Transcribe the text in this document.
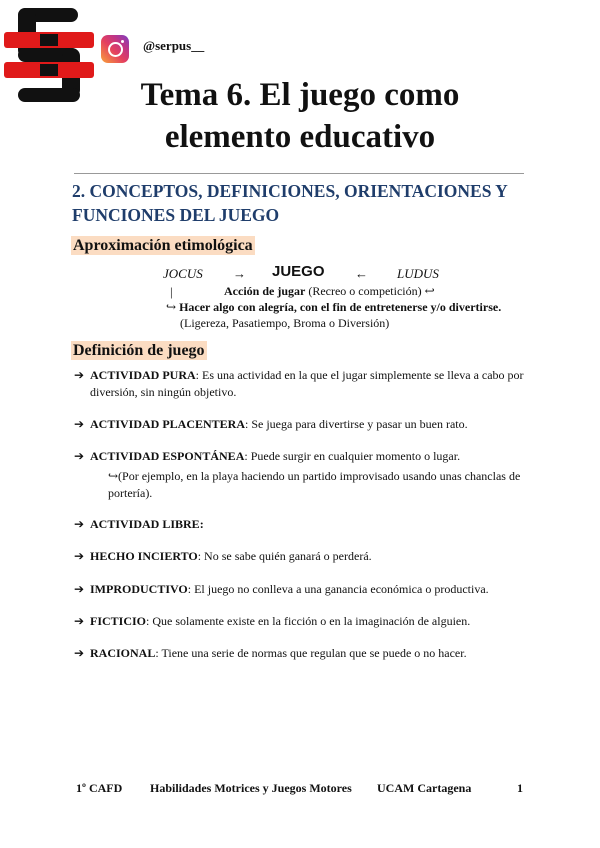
@serpus__
Tema 6. El juego como
elemento educativo
2. CONCEPTOS, DEFINICIONES, ORIENTACIONES Y
FUNCIONES DEL JUEGO
Aproximación etimológica
JOCUS → JUEGO ← LUDUS
|	Acción de jugar (Recreo o competición) ↩
↪ Hacer algo con alegría, con el fin de entretenerse y/o divertirse.
(Ligereza, Pasatiempo, Broma o Diversión)
Definición de juego
➔ ACTIVIDAD PURA: Es una actividad en la que el jugar simplemente se lleva a cabo por diversión, sin ningún objetivo.
➔ ACTIVIDAD PLACENTERA: Se juega para divertirse y pasar un buen rato.
➔ ACTIVIDAD ESPONTÁNEA: Puede surgir en cualquier momento o lugar.
↪(Por ejemplo, en la playa haciendo un partido improvisado usando unas chanclas de portería).
➔ ACTIVIDAD LIBRE:
➔ HECHO INCIERTO: No se sabe quién ganará o perderá.
➔ IMPRODUCTIVO: El juego no conlleva a una ganancia económica o productiva.
➔ FICTICIO: Que solamente existe en la ficción o en la imaginación de alguien.
➔ RACIONAL: Tiene una serie de normas que regulan que se puede o no hacer.
1º CAFD Habilidades Motrices y Juegos Motores UCAM Cartagena	1
